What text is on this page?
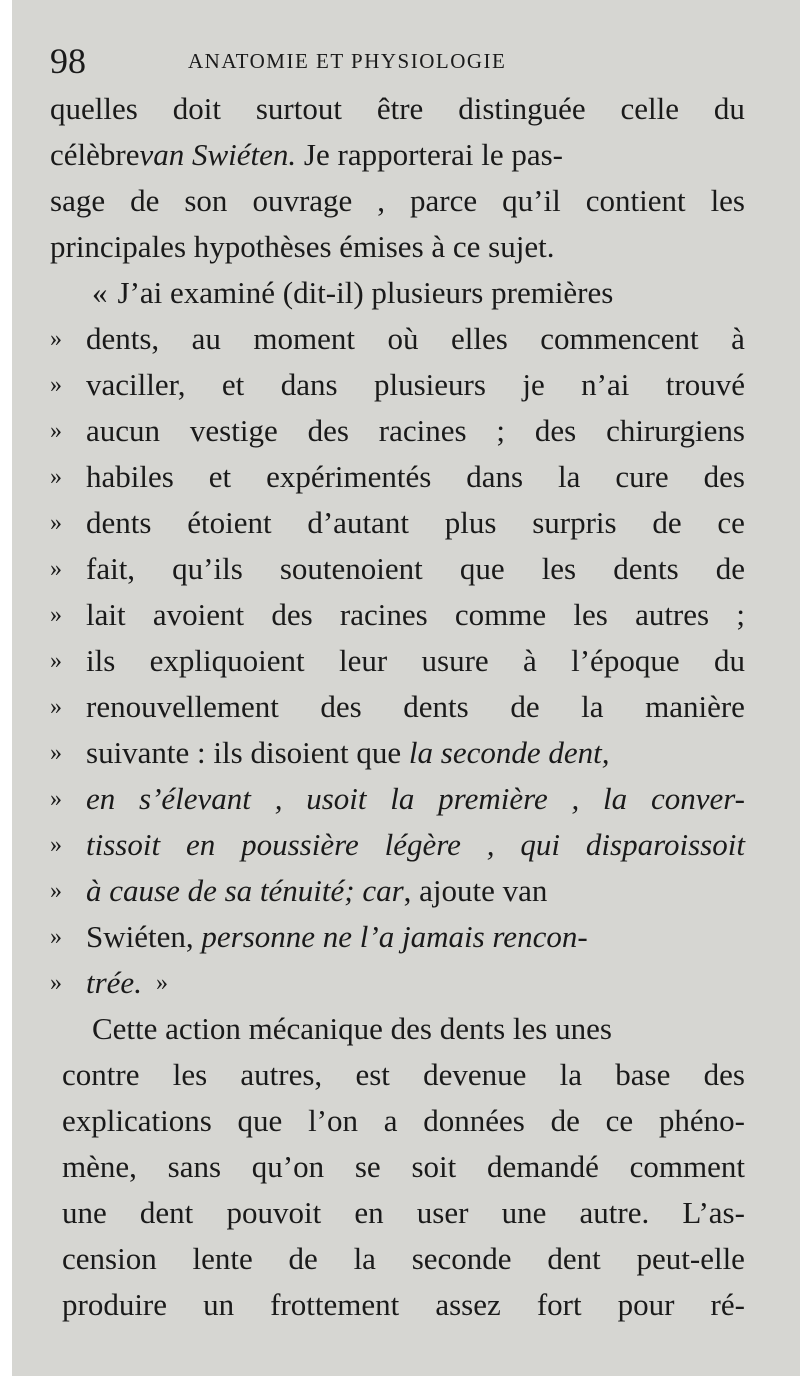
98	ANATOMIE ET PHYSIOLOGIE
quelles doit surtout être distinguée celle du
célèbre van Swiéten. Je rapporterai le pas-
sage de son ouvrage , parce qu’il contient les
principales hypothèses émises à ce sujet.
« J’ai examiné (dit-il) plusieurs premières
» dents, au moment où elles commencent à
» vaciller, et dans plusieurs je n’ai trouvé
» aucun vestige des racines ; des chirurgiens
» habiles et expérimentés dans la cure des
» dents étoient d’autant plus surpris de ce
» fait, qu’ils soutenoient que les dents de
» lait avoient des racines comme les autres ;
» ils expliquoient leur usure à l’époque du
» renouvellement des dents de la manière
» suivante : ils disoient que la seconde dent,
» en s’élevant , usoit la première , la conver-
» tissoit en poussière légère , qui disparoissoit
» à cause de sa ténuité; car , ajoute van
» Swiéten, personne ne l’a jamais rencon-
» trée. »
Cette action mécanique des dents les unes
contre les autres, est devenue la base des
explications que l’on a données de ce phéno-
mène, sans qu’on se soit demandé comment
une dent pouvoit en user une autre. L’as-
cension lente de la seconde dent peut-elle
produire un frottement assez fort pour ré-
